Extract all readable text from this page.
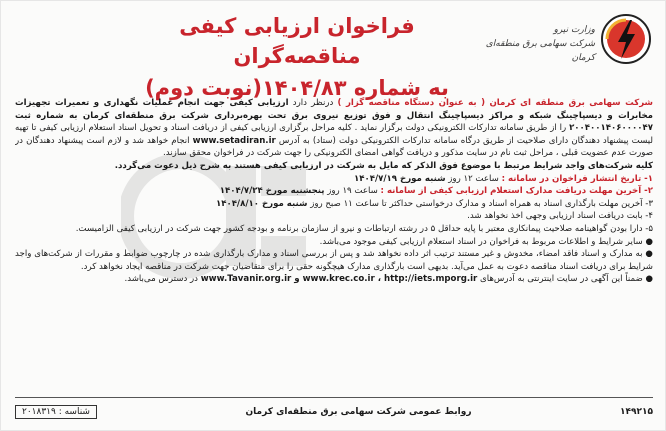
فراخوان ارزیابی کیفی مناقصه‌گران
به شماره ۱۴۰۴/۸۳(نوبت دوم)
وزارت نیرو
شرکت سهامی برق منطقه‌ای کرمان

شرکت سهامی برق منطقه ای کرمان ( به عنوان دستگاه مناقصه گزار ) درنظر دارد ارزیابی کیفی جهت انجام عملیات نگهداری و تعمیرات تجهیزات مخابرات و دیسپاچینگ شبکه و مراکز دیسپاچینگ انتقال و فوق توزیع نیروی برق تحت بهره‌برداری شرکت برق منطقه‌ای کرمان به شماره ثبت ۲۰۰۴۰۰۱۴۰۶۰۰۰۰۴۷ را از طریق سامانه تدارکات الکترونیکی دولت برگزار نماید . کلیه مراحل برگزاری ارزیابی کیفی از دریافت اسناد و تحویل اسناد استعلام ارزیابی کیفی تا تهیه لیست پیشنهاد دهندگان دارای صلاحیت از طریق درگاه سامانه تدارکات الکترونیکی دولت (ستاد) به آدرس www.setadiran.ir انجام خواهد شد و لازم است پیشنهاد دهندگان در صورت عدم عضویت قبلی ، مراحل ثبت نام در سایت مذکور و دریافت گواهی امضای الکترونیکی را جهت شرکت در فراخوان محقق سازند.

کلیه شرکت‌های واجد شرایط مرتبط با موضوع فوق الذکر که مایل به شرکت در ارزیابی کیفی هستند به شرح ذیل دعوت می‌گردد.

۱- تاریخ انتشار فراخوان در سامانه : ساعت ۱۲ روز شنبه مورخ ۱۴۰۴/۷/۱۹

۲- آخرین مهلت دریافت مدارک استعلام ارزیابی کیفی از سامانه : ساعت ۱۹ روز پنجشنبه مورخ ۱۴۰۴/۷/۲۴

۳- آخرین مهلت بارگذاری اسناد به همراه اسناد و مدارک درخواستی حداکثر تا ساعت ۱۱ صبح روز شنبه مورخ ۱۴۰۴/۸/۱۰

۴- بابت دریافت اسناد ارزیابی وجهی اخذ نخواهد شد.

۵- دارا بودن گواهینامه صلاحیت پیمانکاری معتبر با پایه حداقل ۵ در رشته ارتباطات و نیرو از سازمان برنامه و بودجه کشور جهت شرکت در ارزیابی کیفی الزامیست.

● سایر شرایط و اطلاعات مربوط به فراخوان در اسناد استعلام ارزیابی کیفی موجود می‌باشد.

● به مدارک و اسناد فاقد امضاء، مخدوش و غیر مستند ترتیب اثر داده نخواهد شد و پس از بررسی اسناد و مدارک بارگذاری شده در چارچوب ضوابط و مقررات از شرکت‌های واجد شرایط برای دریافت اسناد مناقصه دعوت به عمل می‌آید. بدیهی است بارگذاری مدارک هیچگونه حقی را برای متقاضیان جهت شرکت در مناقصه ایجاد نخواهد کرد.

● ضمناً این آگهی در سایت اینترنتی به آدرس‌های www.Tavanir.org.ir و www.krec.co.ir ، http://iets.mporg.ir در دسترس می‌باشد.

۱۴۹۲۱۵
روابط عمومی شرکت سهامی برق منطقه‌ای کرمان
شناسه : ۲۰۱۸۳۱۹
